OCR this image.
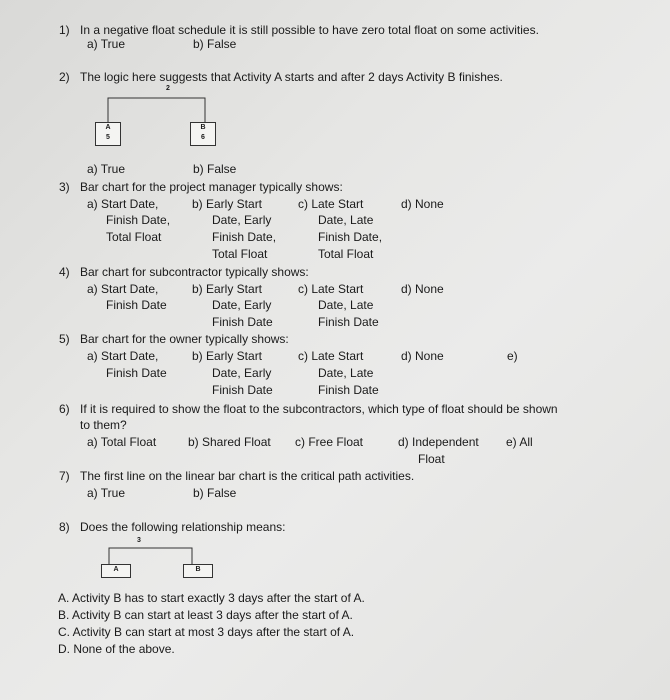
1) In a negative float schedule it is still possible to have zero total float on some activities.
a) True	b) False
2) The logic here suggests that Activity A starts and after 2 days Activity B finishes.
2
A
5
B
6
a) True	b) False
3) Bar chart for the project manager typically shows:
a) Start Date,
Finish Date,
Total Float
b) Early Start
Date, Early
Finish Date,
Total Float
c) Late Start
Date, Late
Finish Date,
Total Float
d) None
4) Bar chart for subcontractor typically shows:
a) Start Date,
Finish Date
b) Early Start
Date, Early
Finish Date
c) Late Start
Date, Late
Finish Date
d) None
5) Bar chart for the owner typically shows:
a) Start Date,
Finish Date
b) Early Start
Date, Early
Finish Date
c) Late Start
Date, Late
Finish Date
d) None	e)
6) If it is required to show the float to the subcontractors, which type of float should be shown
to them?
a) Total Float	b) Shared Float c) Free Float	d) Independent
Float
e) All
7) The first line on the linear bar chart is the critical path activities.
a) True	b) False
8) Does the following relationship means:
3
A	B
A. Activity B has to start exactly 3 days after the start of A.
B. Activity B can start at least 3 days after the start of A.
C. Activity B can start at most 3 days after the start of A.
D. None of the above.
